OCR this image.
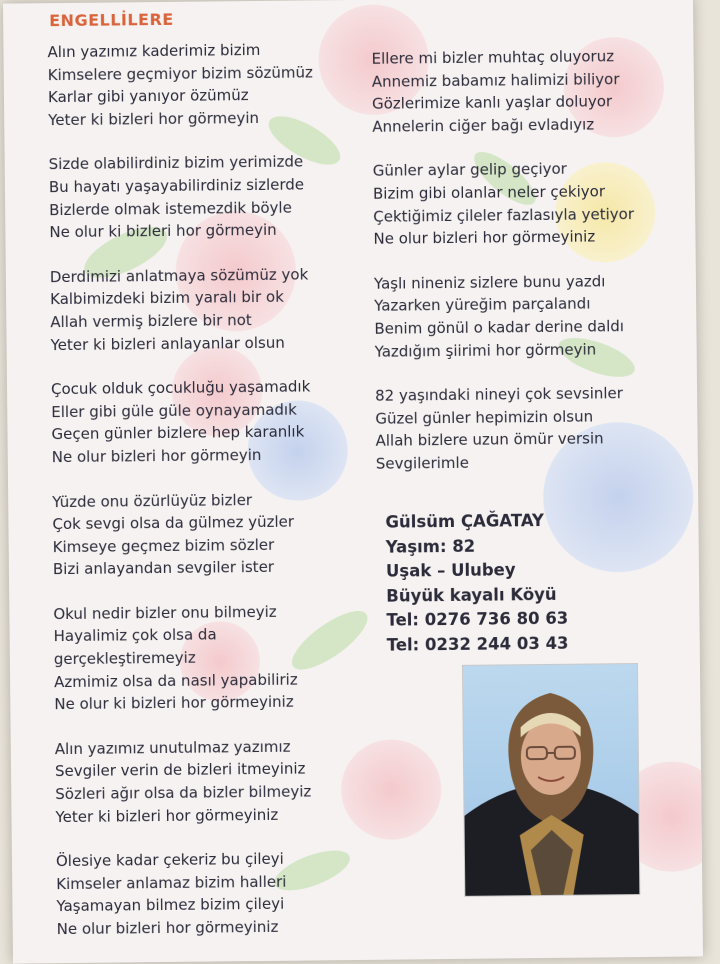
ENGELLİLERE
Alın yazımız kaderimiz bizim
Kimselere geçmiyor bizim sözümüz
Karlar gibi yanıyor özümüz
Yeter ki bizleri hor görmeyin
Sizde olabilirdiniz bizim yerimizde
Bu hayatı yaşayabilirdiniz sizlerde
Bizlerde olmak istemezdik böyle
Ne olur ki bizleri hor görmeyin
Derdimizi anlatmaya sözümüz yok
Kalbimizdeki bizim yaralı bir ok
Allah vermiş bizlere bir not
Yeter ki bizleri anlayanlar olsun
Çocuk olduk çocukluğu yaşamadık
Eller gibi güle güle oynayamadık
Geçen günler bizlere hep karanlık
Ne olur bizleri hor görmeyin
Yüzde onu özürlüyüz bizler
Çok sevgi olsa da gülmez yüzler
Kimseye geçmez bizim sözler
Bizi anlayandan sevgiler ister
Okul nedir bizler onu bilmeyiz
Hayalimiz çok olsa da
gerçekleştiremeyiz
Azmimiz olsa da nasıl yapabiliriz
Ne olur ki bizleri hor görmeyiniz
Alın yazımız unutulmaz yazımız
Sevgiler verin de bizleri itmeyiniz
Sözleri ağır olsa da bizler bilmeyiz
Yeter ki bizleri hor görmeyiniz
Ölesiye kadar çekeriz bu çileyi
Kimseler anlamaz bizim halleri
Yaşamayan bilmez bizim çileyi
Ne olur bizleri hor görmeyiniz
Ellere mi bizler muhtaç oluyoruz
Annemiz babamız halimizi biliyor
Gözlerimize kanlı yaşlar doluyor
Annelerin ciğer bağı evladıyız
Günler aylar gelip geçiyor
Bizim gibi olanlar neler çekiyor
Çektiğimiz çileler fazlasıyla yetiyor
Ne olur bizleri hor görmeyiniz
Yaşlı nineniz sizlere bunu yazdı
Yazarken yüreğim parçalandı
Benim gönül o kadar derine daldı
Yazdığım şiirimi hor görmeyin
82 yaşındaki nineyi çok sevsinler
Güzel günler hepimizin olsun
Allah bizlere uzun ömür versin
Sevgilerimle
Gülsüm ÇAĞATAY
Yaşım: 82
Uşak – Ulubey
Büyük kayalı Köyü
Tel: 0276 736 80 63
Tel: 0232 244 03 43
